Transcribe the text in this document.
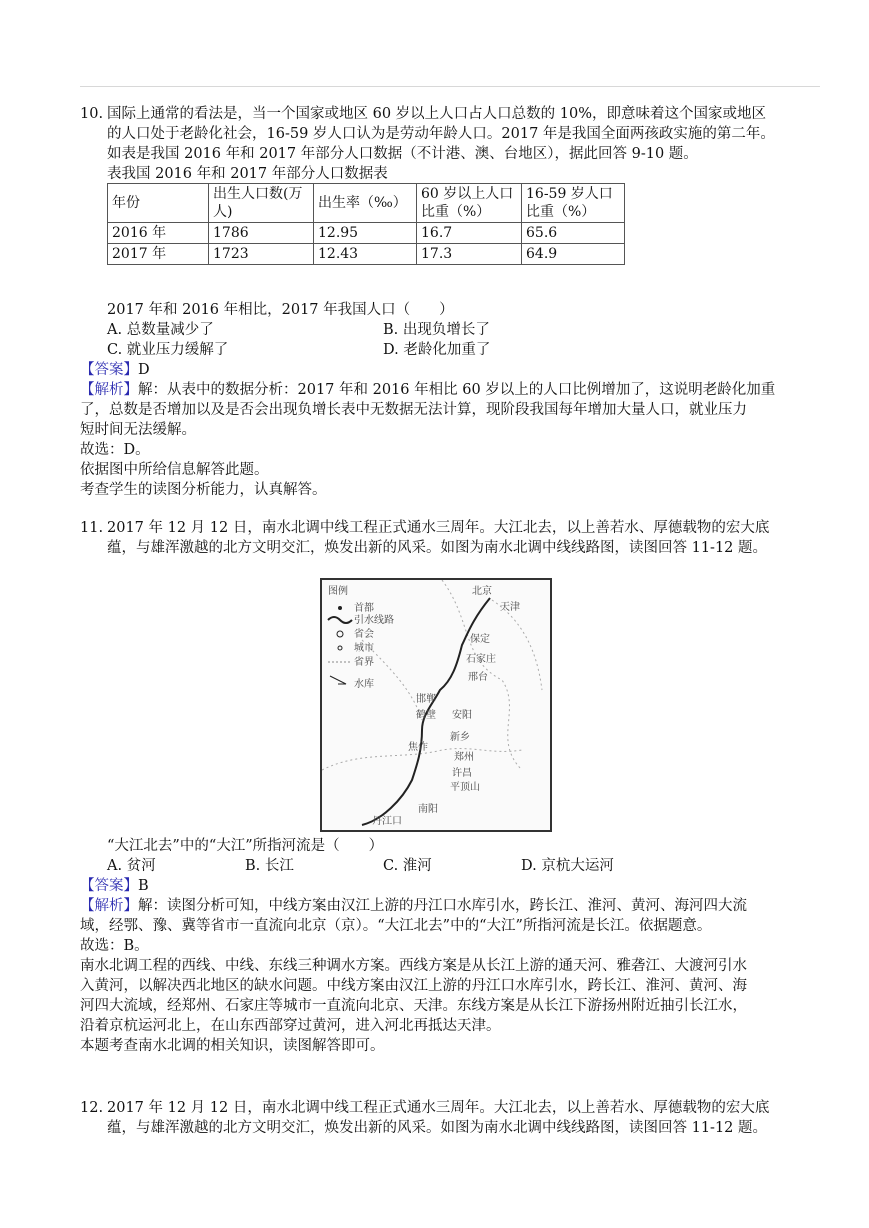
10. 国际上通常的看法是，当一个国家或地区 60 岁以上人口占人口总数的 10%，即意味着这个国家或地区

的人口处于老龄化社会，16-59 岁人口认为是劳动年龄人口。2017 年是我国全面两孩政实施的第二年。

如表是我国 2016 年和 2017 年部分人口数据（不计港、澳、台地区），据此回答 9-10 题。

表我国 2016 年和 2017 年部分人口数据表

年份	出生人口数(万人)	出生率（‰）	60 岁以上人口比重（%）	16-59 岁人口比重（%）
2016 年	1786	12.95	16.7	65.6
2017 年	1723	12.43	17.3	64.9

2017 年和 2016 年相比，2017 年我国人口（　　）

A. 总数量减少了	B. 出现负增长了
C. 就业压力缓解了	D. 老龄化加重了

【答案】D

【解析】解：从表中的数据分析：2017 年和 2016 年相比 60 岁以上的人口比例增加了，这说明老龄化加重

了，总数是否增加以及是否会出现负增长表中无数据无法计算，现阶段我国每年增加大量人口，就业压力

短时间无法缓解。

故选：D。

依据图中所给信息解答此题。

考查学生的读图分析能力，认真解答。

11. 2017 年 12 月 12 日，南水北调中线工程正式通水三周年。大江北去，以上善若水、厚德载物的宏大底

蕴，与雄浑激越的北方文明交汇，焕发出新的风采。如图为南水北调中线线路图，读图回答 11-12 题。

图例
首都
引水线路
省会
城市
省界
水库
北京
天津
保定
石家庄
邢台
邯郸
鹤壁 安阳
新乡
焦作
郑州
许昌
平顶山
南阳
丹江口

“大江北去”中的“大江”所指河流是（　　）

A. 贫河	B. 长江	C. 淮河	D. 京杭大运河

【答案】B

【解析】解：读图分析可知，中线方案由汉江上游的丹江口水库引水，跨长江、淮河、黄河、海河四大流

域，经鄂、豫、冀等省市一直流向北京（京）。“大江北去”中的“大江”所指河流是长江。依据题意。

故选：B。

南水北调工程的西线、中线、东线三种调水方案。西线方案是从长江上游的通天河、雅砻江、大渡河引水

入黄河，以解决西北地区的缺水问题。中线方案由汉江上游的丹江口水库引水，跨长江、淮河、黄河、海

河四大流域，经郑州、石家庄等城市一直流向北京、天津。东线方案是从长江下游扬州附近抽引长江水，

沿着京杭运河北上，在山东西部穿过黄河，进入河北再抵达天津。

本题考查南水北调的相关知识，读图解答即可。

12. 2017 年 12 月 12 日，南水北调中线工程正式通水三周年。大江北去，以上善若水、厚德载物的宏大底

蕴，与雄浑激越的北方文明交汇，焕发出新的风采。如图为南水北调中线线路图，读图回答 11-12 题。
